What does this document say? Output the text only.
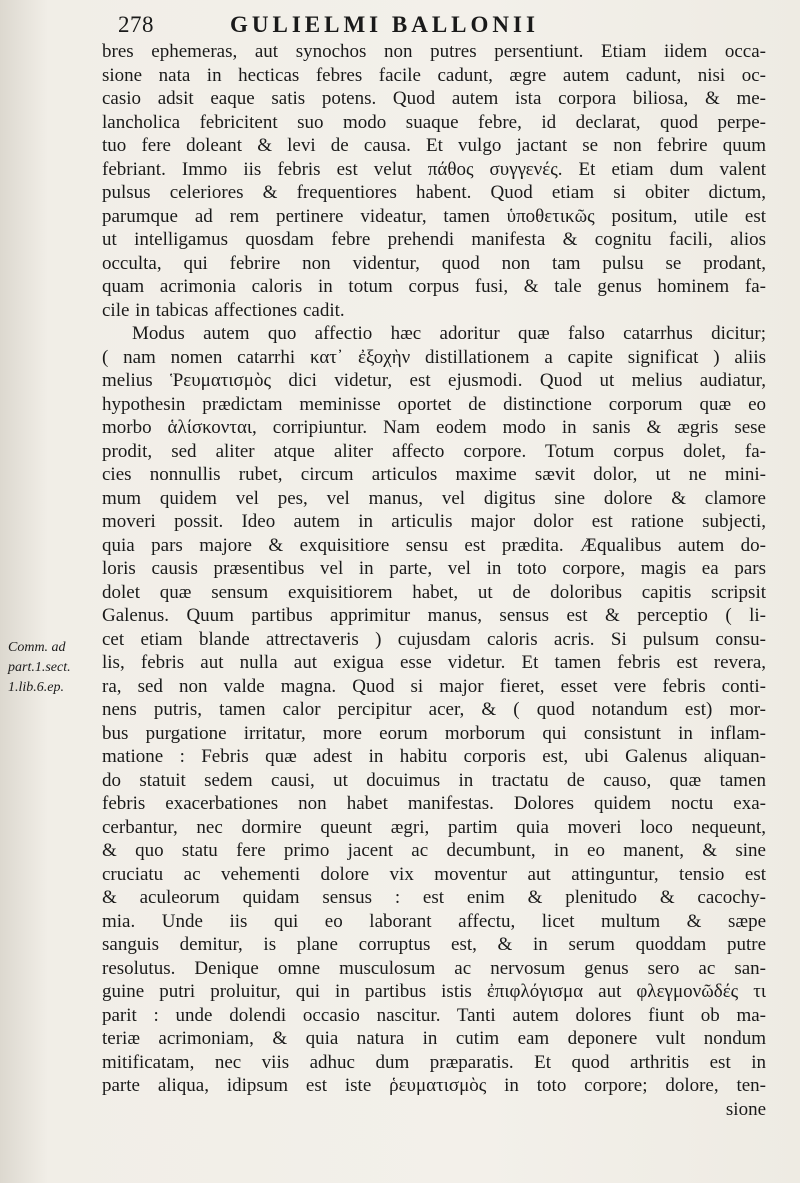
278	GULIELMI BALLONII
Comm. ad
part.1.sect.
1.lib.6.ep.
bres ephemeras, aut synochos non putres persentiunt. Etiam iidem occa-
sione nata in hecticas febres facile cadunt, ægre autem cadunt, nisi oc-
casio adsit eaque satis potens. Quod autem ista corpora biliosa, & me-
lancholica febricitent suo modo suaque febre, id declarat, quod perpe-
tuo fere doleant & levi de causa. Et vulgo jactant se non febrire quum
febriant. Immo iis febris est velut πάθος συγγενές. Et etiam dum valent
pulsus celeriores & frequentiores habent. Quod etiam si obiter dictum,
parumque ad rem pertinere videatur, tamen ὑποθετικῶς positum, utile est
ut intelligamus quosdam febre prehendi manifesta & cognitu facili, alios
occulta, qui febrire non videntur, quod non tam pulsu se prodant,
quam acrimonia caloris in totum corpus fusi, & tale genus hominem fa-
cile in tabicas affectiones cadit.
Modus autem quo affectio hæc adoritur quæ falso catarrhus dicitur;
( nam nomen catarrhi κατ᾽ ἐξοχὴν distillationem a capite significat ) aliis
melius Ῥευματισμὸς dici videtur, est ejusmodi. Quod ut melius audiatur,
hypothesin prædictam meminisse oportet de distinctione corporum quæ eo
morbo ἁλίσκονται, corripiuntur. Nam eodem modo in sanis & ægris sese
prodit, sed aliter atque aliter affecto corpore. Totum corpus dolet, fa-
cies nonnullis rubet, circum articulos maxime sævit dolor, ut ne mini-
mum quidem vel pes, vel manus, vel digitus sine dolore & clamore
moveri possit. Ideo autem in articulis major dolor est ratione subjecti,
quia pars majore & exquisitiore sensu est prædita. Æqualibus autem do-
loris causis præsentibus vel in parte, vel in toto corpore, magis ea pars
dolet quæ sensum exquisitiorem habet, ut de doloribus capitis scripsit
Galenus. Quum partibus apprimitur manus, sensus est & perceptio ( li-
cet etiam blande attrectaveris ) cujusdam caloris acris. Si pulsum consu-
lis, febris aut nulla aut exigua esse videtur. Et tamen febris est revera,
ra, sed non valde magna. Quod si major fieret, esset vere febris conti-
nens putris, tamen calor percipitur acer, & ( quod notandum est) mor-
bus purgatione irritatur, more eorum morborum qui consistunt in inflam-
matione : Febris quæ adest in habitu corporis est, ubi Galenus aliquan-
do statuit sedem causi, ut docuimus in tractatu de causo, quæ tamen
febris exacerbationes non habet manifestas. Dolores quidem noctu exa-
cerbantur, nec dormire queunt ægri, partim quia moveri loco nequeunt,
& quo statu fere primo jacent ac decumbunt, in eo manent, & sine
cruciatu ac vehementi dolore vix moventur aut attinguntur, tensio est
& aculeorum quidam sensus : est enim & plenitudo & cacochy-
mia. Unde iis qui eo laborant affectu, licet multum & sæpe
sanguis demitur, is plane corruptus est, & in serum quoddam putre
resolutus. Denique omne musculosum ac nervosum genus sero ac san-
guine putri proluitur, qui in partibus istis ἐπιφλόγισμα aut φλεγμονῶδές τι
parit : unde dolendi occasio nascitur. Tanti autem dolores fiunt ob ma-
teriæ acrimoniam, & quia natura in cutim eam deponere vult nondum
mitificatam, nec viis adhuc dum præparatis. Et quod arthritis est in
parte aliqua, idipsum est iste ῥευματισμὸς in toto corpore; dolore, ten-
sione
